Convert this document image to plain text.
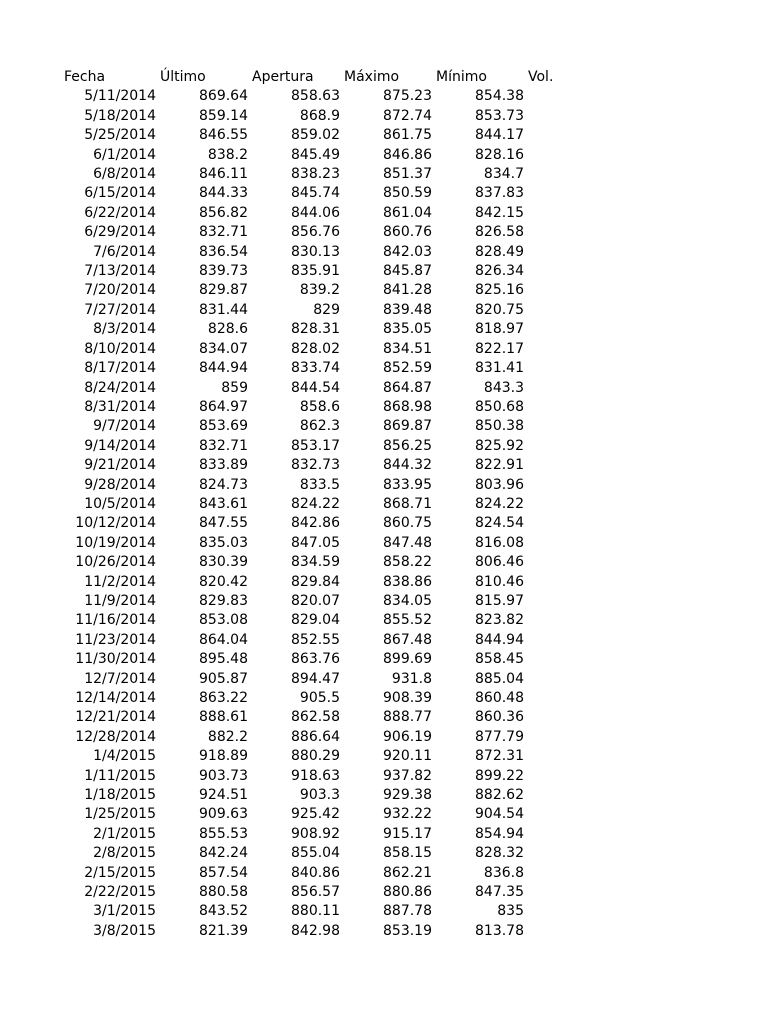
Fecha	Último	Apertura	Máximo	Mínimo	Vol.
5/11/2014	869.64	858.63	875.23	854.38	
5/18/2014	859.14	868.9	872.74	853.73	
5/25/2014	846.55	859.02	861.75	844.17	
6/1/2014	838.2	845.49	846.86	828.16	
6/8/2014	846.11	838.23	851.37	834.7	
6/15/2014	844.33	845.74	850.59	837.83	
6/22/2014	856.82	844.06	861.04	842.15	
6/29/2014	832.71	856.76	860.76	826.58	
7/6/2014	836.54	830.13	842.03	828.49	
7/13/2014	839.73	835.91	845.87	826.34	
7/20/2014	829.87	839.2	841.28	825.16	
7/27/2014	831.44	829	839.48	820.75	
8/3/2014	828.6	828.31	835.05	818.97	
8/10/2014	834.07	828.02	834.51	822.17	
8/17/2014	844.94	833.74	852.59	831.41	
8/24/2014	859	844.54	864.87	843.3	
8/31/2014	864.97	858.6	868.98	850.68	
9/7/2014	853.69	862.3	869.87	850.38	
9/14/2014	832.71	853.17	856.25	825.92	
9/21/2014	833.89	832.73	844.32	822.91	
9/28/2014	824.73	833.5	833.95	803.96	
10/5/2014	843.61	824.22	868.71	824.22	
10/12/2014	847.55	842.86	860.75	824.54	
10/19/2014	835.03	847.05	847.48	816.08	
10/26/2014	830.39	834.59	858.22	806.46	
11/2/2014	820.42	829.84	838.86	810.46	
11/9/2014	829.83	820.07	834.05	815.97	
11/16/2014	853.08	829.04	855.52	823.82	
11/23/2014	864.04	852.55	867.48	844.94	
11/30/2014	895.48	863.76	899.69	858.45	
12/7/2014	905.87	894.47	931.8	885.04	
12/14/2014	863.22	905.5	908.39	860.48	
12/21/2014	888.61	862.58	888.77	860.36	
12/28/2014	882.2	886.64	906.19	877.79	
1/4/2015	918.89	880.29	920.11	872.31	
1/11/2015	903.73	918.63	937.82	899.22	
1/18/2015	924.51	903.3	929.38	882.62	
1/25/2015	909.63	925.42	932.22	904.54	
2/1/2015	855.53	908.92	915.17	854.94	
2/8/2015	842.24	855.04	858.15	828.32	
2/15/2015	857.54	840.86	862.21	836.8	
2/22/2015	880.58	856.57	880.86	847.35	
3/1/2015	843.52	880.11	887.78	835	
3/8/2015	821.39	842.98	853.19	813.78	
